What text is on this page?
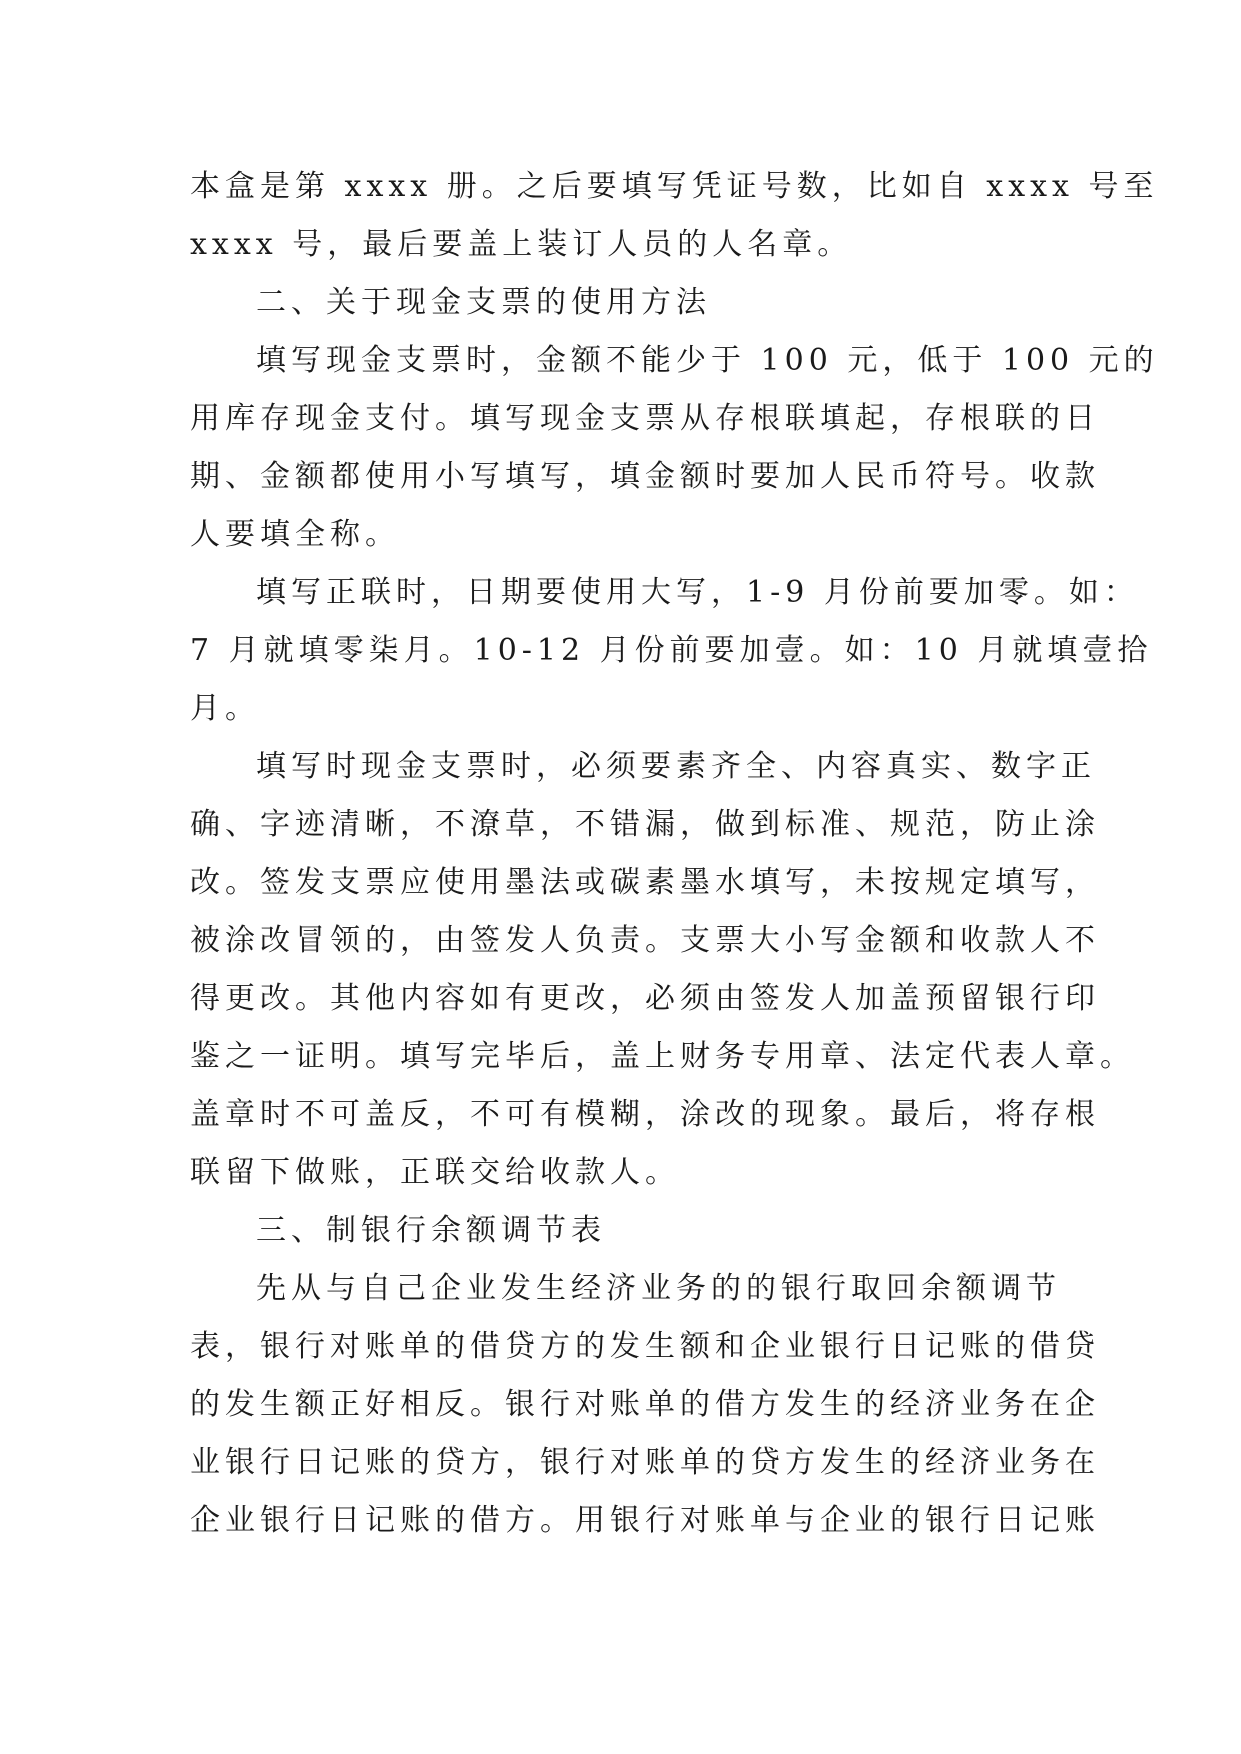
本盒是第 xxxx 册。之后要填写凭证号数，比如自 xxxx 号至
xxxx 号，最后要盖上装订人员的人名章。
二、关于现金支票的使用方法
填写现金支票时，金额不能少于 100 元，低于 100 元的
用库存现金支付。填写现金支票从存根联填起，存根联的日
期、金额都使用小写填写，填金额时要加人民币符号。收款
人要填全称。
填写正联时，日期要使用大写，1-9 月份前要加零。如：
7 月就填零柒月。10-12 月份前要加壹。如：10 月就填壹拾
月。
填写时现金支票时，必须要素齐全、内容真实、数字正
确、字迹清晰，不潦草，不错漏，做到标准、规范，防止涂
改。签发支票应使用墨法或碳素墨水填写，未按规定填写，
被涂改冒领的，由签发人负责。支票大小写金额和收款人不
得更改。其他内容如有更改，必须由签发人加盖预留银行印
鉴之一证明。填写完毕后，盖上财务专用章、法定代表人章。
盖章时不可盖反，不可有模糊，涂改的现象。最后，将存根
联留下做账，正联交给收款人。
三、制银行余额调节表
先从与自己企业发生经济业务的的银行取回余额调节
表，银行对账单的借贷方的发生额和企业银行日记账的借贷
的发生额正好相反。银行对账单的借方发生的经济业务在企
业银行日记账的贷方，银行对账单的贷方发生的经济业务在
企业银行日记账的借方。用银行对账单与企业的银行日记账
